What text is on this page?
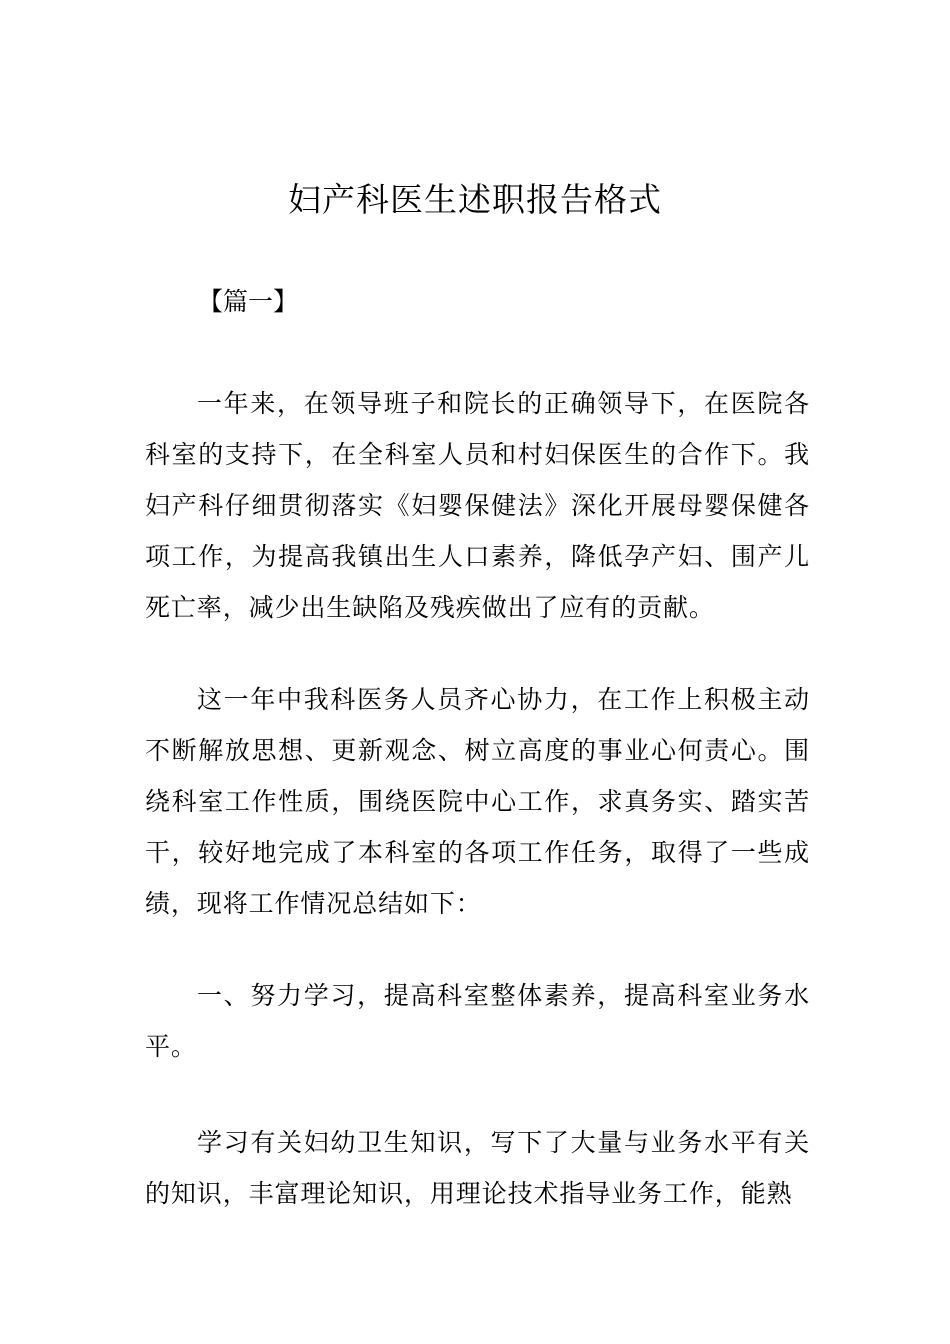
妇产科医生述职报告格式

【篇一】

一年来，在领导班子和院长的正确领导下，在医院各科室的支持下，在全科室人员和村妇保医生的合作下。我妇产科仔细贯彻落实《妇婴保健法》深化开展母婴保健各项工作，为提高我镇出生人口素养，降低孕产妇、围产儿死亡率，减少出生缺陷及残疾做出了应有的贡献。

这一年中我科医务人员齐心协力，在工作上积极主动不断解放思想、更新观念、树立高度的事业心何责心。围绕科室工作性质，围绕医院中心工作，求真务实、踏实苦干，较好地完成了本科室的各项工作任务，取得了一些成绩，现将工作情况总结如下：

一、努力学习，提高科室整体素养，提高科室业务水平。

学习有关妇幼卫生知识，写下了大量与业务水平有关的知识，丰富理论知识，用理论技术指导业务工作，能熟
